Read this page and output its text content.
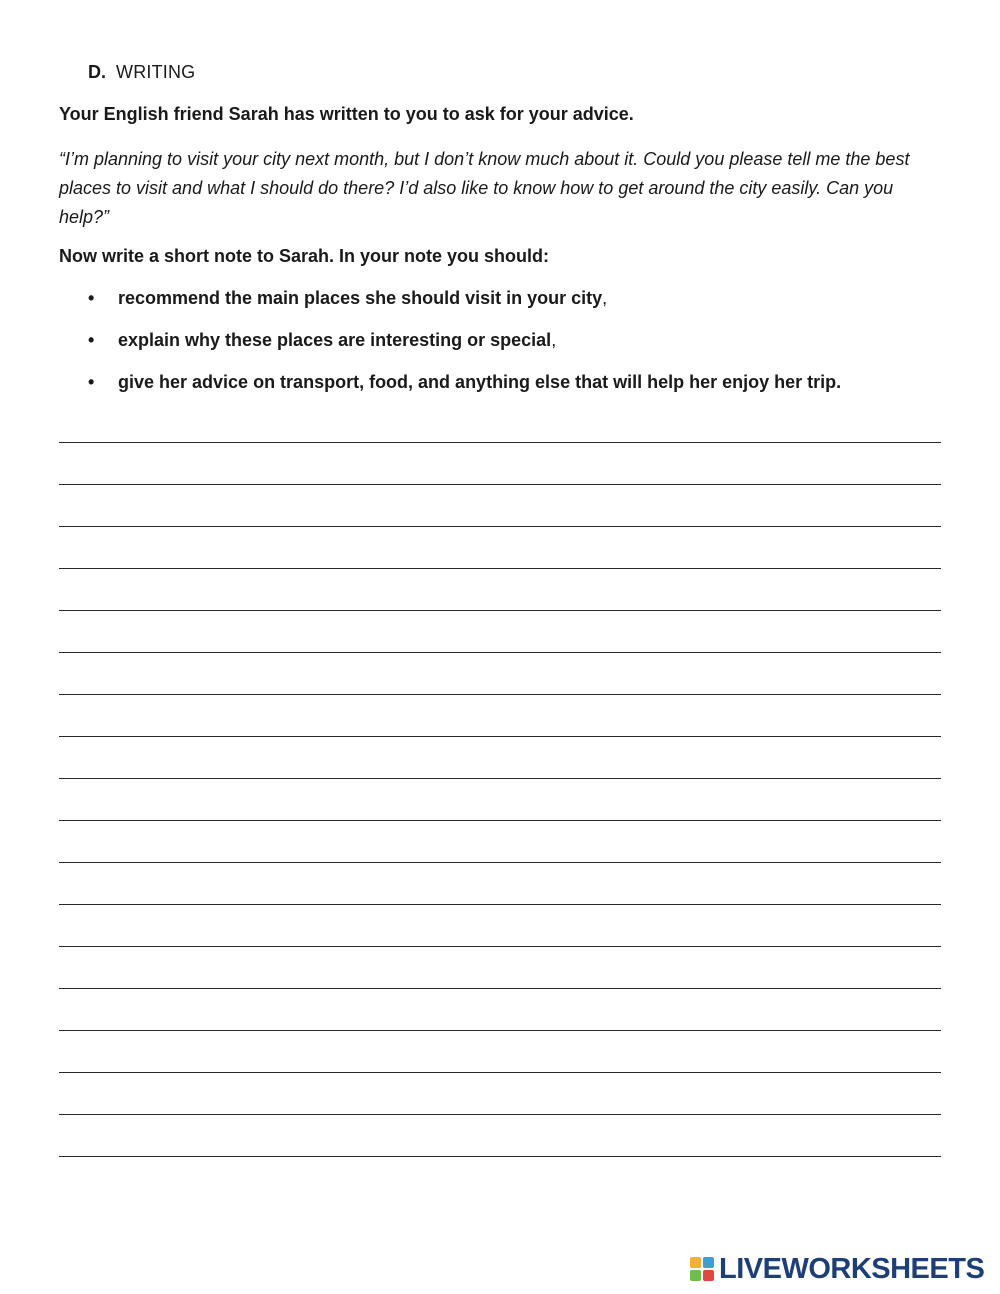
D. WRITING
Your English friend Sarah has written to you to ask for your advice.
“I’m planning to visit your city next month, but I don’t know much about it. Could you please tell me the best places to visit and what I should do there? I’d also like to know how to get around the city easily. Can you help?”
Now write a short note to Sarah. In your note you should:
• recommend the main places she should visit in your city,
• explain why these places are interesting or special,
• give her advice on transport, food, and anything else that will help her enjoy her trip.
LIVEWORKSHEETS
